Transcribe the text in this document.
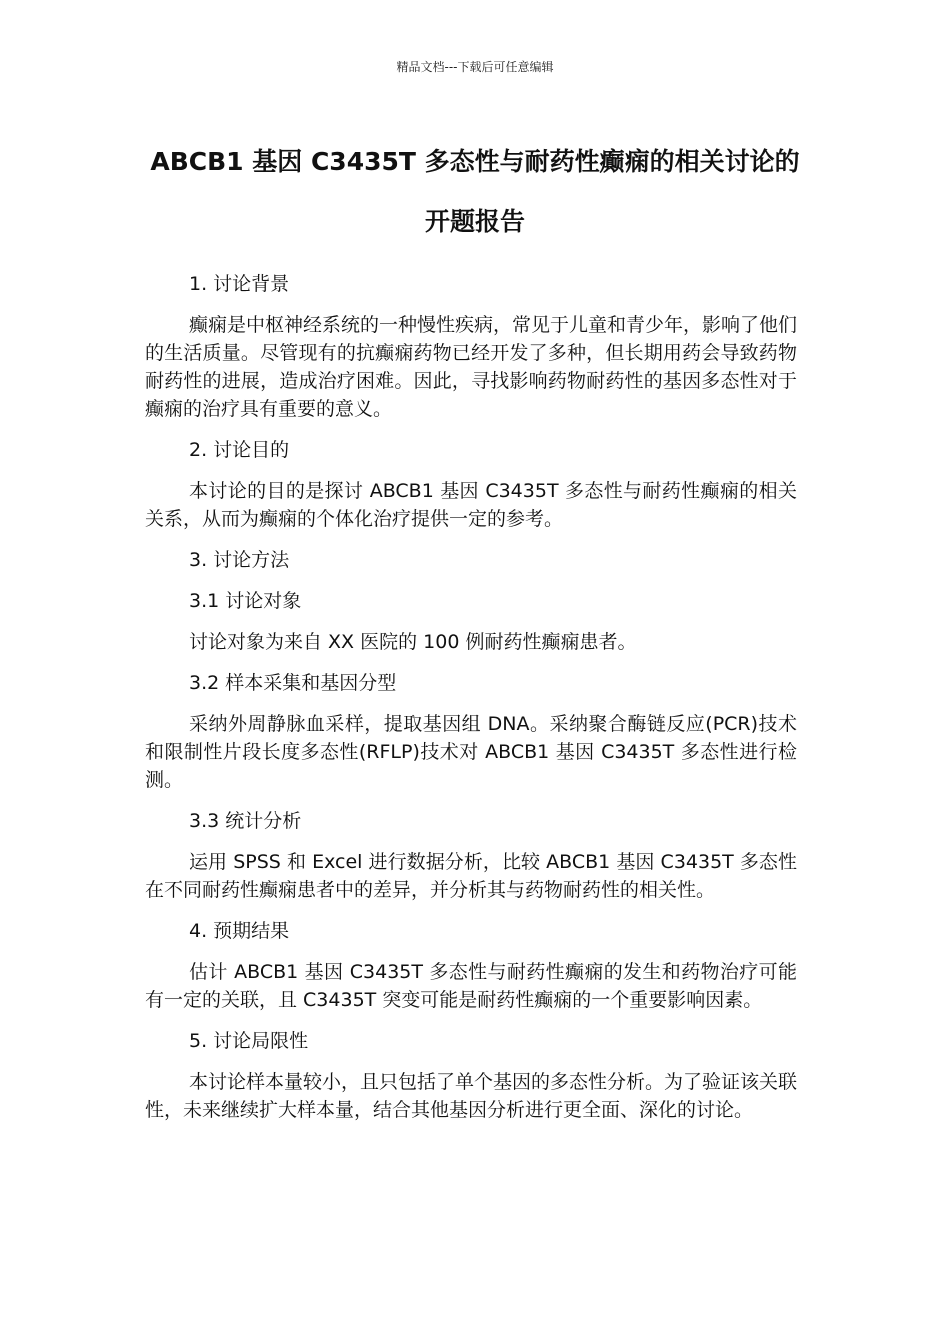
精品文档---下载后可任意编辑
ABCB1 基因 C3435T 多态性与耐药性癫痫的相关讨论的开题报告
1. 讨论背景
癫痫是中枢神经系统的一种慢性疾病，常见于儿童和青少年，影响了他们的生活质量。尽管现有的抗癫痫药物已经开发了多种，但长期用药会导致药物耐药性的进展，造成治疗困难。因此，寻找影响药物耐药性的基因多态性对于癫痫的治疗具有重要的意义。
2. 讨论目的
本讨论的目的是探讨 ABCB1 基因 C3435T 多态性与耐药性癫痫的相关关系，从而为癫痫的个体化治疗提供一定的参考。
3. 讨论方法
3.1 讨论对象
讨论对象为来自 XX 医院的 100 例耐药性癫痫患者。
3.2 样本采集和基因分型
采纳外周静脉血采样，提取基因组 DNA。采纳聚合酶链反应(PCR)技术和限制性片段长度多态性(RFLP)技术对 ABCB1 基因 C3435T 多态性进行检测。
3.3 统计分析
运用 SPSS 和 Excel 进行数据分析，比较 ABCB1 基因 C3435T 多态性在不同耐药性癫痫患者中的差异，并分析其与药物耐药性的相关性。
4. 预期结果
估计 ABCB1 基因 C3435T 多态性与耐药性癫痫的发生和药物治疗可能有一定的关联，且 C3435T 突变可能是耐药性癫痫的一个重要影响因素。
5. 讨论局限性
本讨论样本量较小，且只包括了单个基因的多态性分析。为了验证该关联性，未来继续扩大样本量，结合其他基因分析进行更全面、深化的讨论。
